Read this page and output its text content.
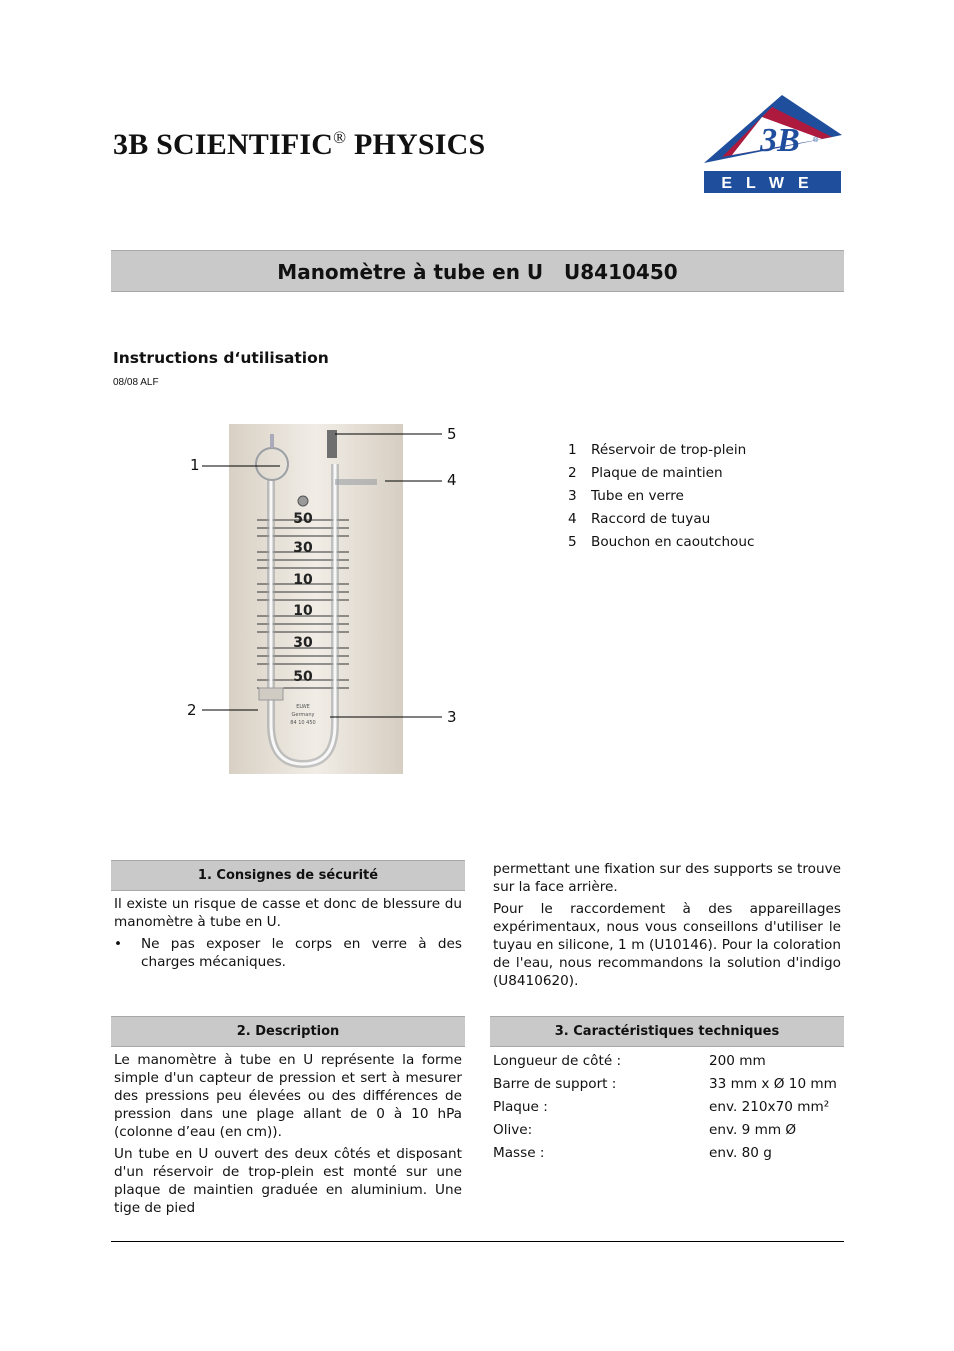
3B SCIENTIFIC® PHYSICS	3B ®
ELWE
Manomètre à tube en U   U8410450
Instructions d‘utilisation
08/08 ALF
50
30
10
10
30
50
ELWE
Germany
84 10 450
1
2	3
4
5
1	Réservoir de trop-plein
2	Plaque de maintien
3	Tube en verre
4	Raccord de tuyau
5	Bouchon en caoutchouc
1. Consignes de sécurité

Il existe un risque de casse et donc de blessure du manomètre à tube en U.

•	Ne pas exposer le corps en verre à des charges mécaniques.

permettant une fixation sur des supports se trouve sur la face arrière.

Pour le raccordement à des appareillages expérimentaux, nous vous conseillons d'utiliser le tuyau en silicone, 1 m (U10146). Pour la coloration de l'eau, nous recommandons la solution d'indigo (U8410620).

2. Description

Le manomètre à tube en U représente la forme simple d'un capteur de pression et sert à mesurer des pressions peu élevées ou des différences de pression dans une plage allant de 0 à 10 hPa (colonne d’eau (en cm)).

Un tube en U ouvert des deux côtés et disposant d'un réservoir de trop-plein est monté sur une plaque de maintien graduée en aluminium. Une tige de pied

3. Caractéristiques techniques
Longueur de côté :	200 mm
Barre de support :	33 mm x Ø 10 mm
Plaque :	env. 210x70 mm²
Olive:	env. 9 mm Ø
Masse :	env. 80 g
